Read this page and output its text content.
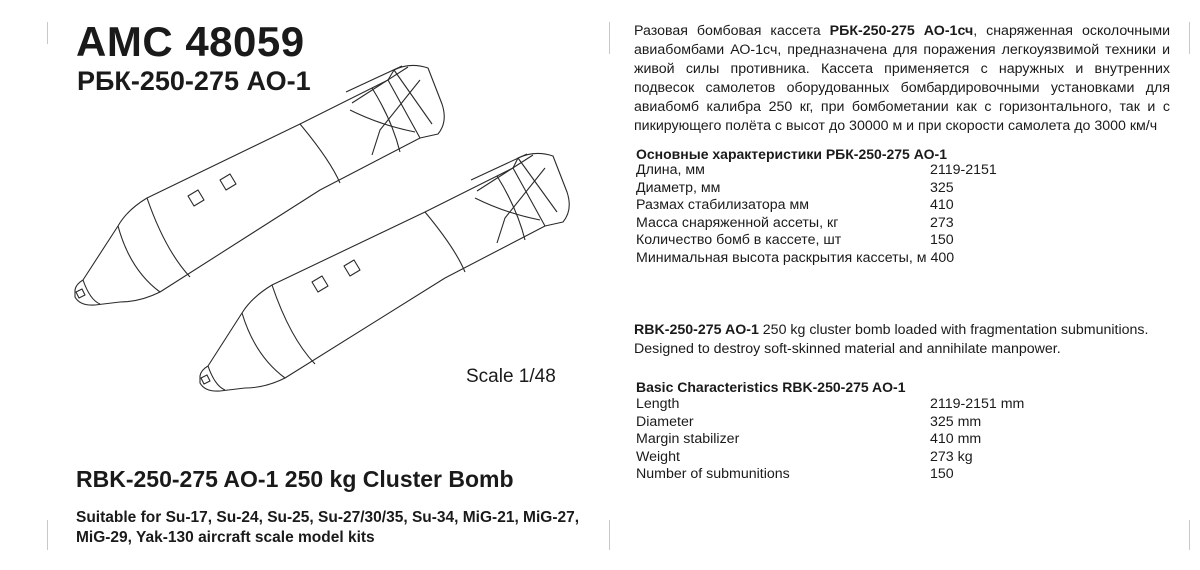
AMC 48059
РБК-250-275 АО-1
Scale 1/48
RBK-250-275 AO-1 250 kg Cluster Bomb
Suitable for Su-17, Su-24, Su-25, Su-27/30/35, Su-34, MiG-21, MiG-27, MiG-29, Yak-130 aircraft scale model kits
Разовая бомбовая кассета РБК-250-275 АО-1сч, снаряженная осколочными авиабомбами АО-1сч, предназначена для поражения легкоуязвимой техники и живой силы противника. Кассета применяется с наружных и внутренних подвесок самолетов оборудованных бомбардировочными установками для авиабомб калибра 250 кг, при бомбометании как с горизонтального, так и с пикирующего полёта с высот до 30000 м и при скорости самолета до 3000 км/ч
Основные характеристики РБК-250-275 АО-1
Длина, мм	2119-2151
Диаметр, мм	325
Размах стабилизатора мм	410
Масса снаряженной ассеты, кг	273
Количество бомб в кассете, шт	150
Минимальная высота раскрытия кассеты, м 400
RBK-250-275 AO-1 250 kg cluster bomb loaded with fragmentation submunitions. Designed to destroy soft-skinned material and annihilate manpower.
Basic Characteristics RBK-250-275 AO-1
Length	2119-2151 mm
Diameter	325 mm
Margin stabilizer	410 mm
Weight	273 kg
Number of submunitions	150
